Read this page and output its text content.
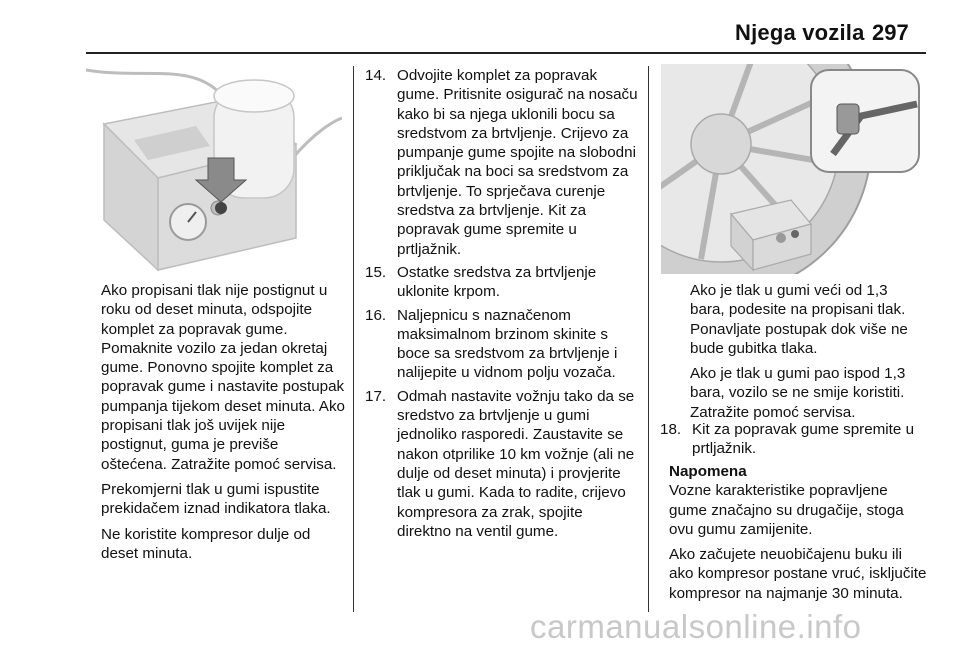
Njega vozila 297

Ako propisani tlak nije postignut u roku od deset minuta, odspojite komplet za popravak gume. Pomaknite vozilo za jedan okretaj gume. Ponovno spojite komplet za popravak gume i nastavite postupak pumpanja tijekom deset minuta. Ako propisani tlak još uvijek nije postignut, guma je previše oštećena. Zatražite pomoć servisa.

Prekomjerni tlak u gumi ispustite prekidačem iznad indikatora tlaka.

Ne koristite kompresor dulje od deset minuta.

14. Odvojite komplet za popravak gume. Pritisnite osigurač na nosaču kako bi sa njega uklonili bocu sa sredstvom za brtvljenje. Crijevo za pumpanje gume spojite na slobodni priključak na boci sa sredstvom za brtvljenje. To sprječava curenje sredstva za brtvljenje. Kit za popravak gume spremite u prtljažnik.
15. Ostatke sredstva za brtvljenje uklonite krpom.
16. Naljepnicu s naznačenom maksimalnom brzinom skinite s boce sa sredstvom za brtvljenje i nalijepite u vidnom polju vozača.
17. Odmah nastavite vožnju tako da se sredstvo za brtvljenje u gumi jednoliko rasporedi. Zaustavite se nakon otprilike 10 km vožnje (ali ne dulje od deset minuta) i provjerite tlak u gumi. Kada to radite, crijevo kompresora za zrak, spojite direktno na ventil gume.

Ako je tlak u gumi veći od 1,3 bara, podesite na propisani tlak. Ponavljate postupak dok više ne bude gubitka tlaka.

Ako je tlak u gumi pao ispod 1,3 bara, vozilo se ne smije koristiti. Zatražite pomoć servisa.

18. Kit za popravak gume spremite u prtljažnik.

Napomena

Vozne karakteristike popravljene gume značajno su drugačije, stoga ovu gumu zamijenite.

Ako začujete neuobičajenu buku ili ako kompresor postane vruć, isključite kompresor na najmanje 30 minuta.

carmanualsonline.info
